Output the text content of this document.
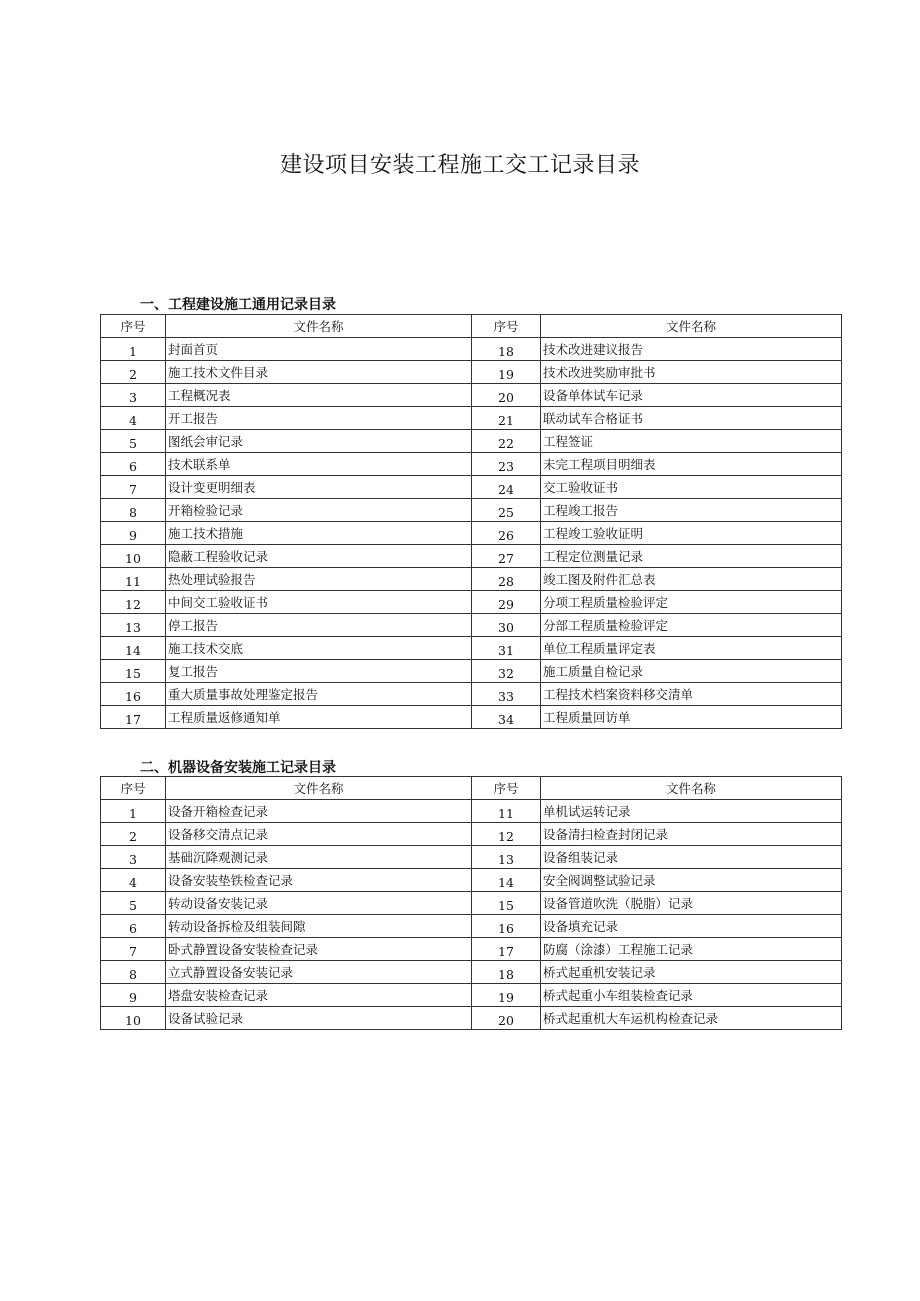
建设项目安装工程施工交工记录目录
一、工程建设施工通用记录目录
序号	文件名称	序号	文件名称
1	封面首页	18	技术改进建议报告
2	施工技术文件目录	19	技术改进奖励审批书
3	工程概况表	20	设备单体试车记录
4	开工报告	21	联动试车合格证书
5	图纸会审记录	22	工程签证
6	技术联系单	23	未完工程项目明细表
7	设计变更明细表	24	交工验收证书
8	开箱检验记录	25	工程竣工报告
9	施工技术措施	26	工程竣工验收证明
10	隐蔽工程验收记录	27	工程定位测量记录
11	热处理试验报告	28	竣工图及附件汇总表
12	中间交工验收证书	29	分项工程质量检验评定
13	停工报告	30	分部工程质量检验评定
14	施工技术交底	31	单位工程质量评定表
15	复工报告	32	施工质量自检记录
16	重大质量事故处理鉴定报告	33	工程技术档案资料移交清单
17	工程质量返修通知单	34	工程质量回访单
二、机器设备安装施工记录目录
序号	文件名称	序号	文件名称
1	设备开箱检查记录	11	单机试运转记录
2	设备移交清点记录	12	设备清扫检查封闭记录
3	基础沉降观测记录	13	设备组装记录
4	设备安装垫铁检查记录	14	安全阀调整试验记录
5	转动设备安装记录	15	设备管道吹洗（脱脂）记录
6	转动设备拆检及组装间隙	16	设备填充记录
7	卧式静置设备安装检查记录	17	防腐（涂漆）工程施工记录
8	立式静置设备安装记录	18	桥式起重机安装记录
9	塔盘安装检查记录	19	桥式起重小车组装检查记录
10	设备试验记录	20	桥式起重机大车运机构检查记录
